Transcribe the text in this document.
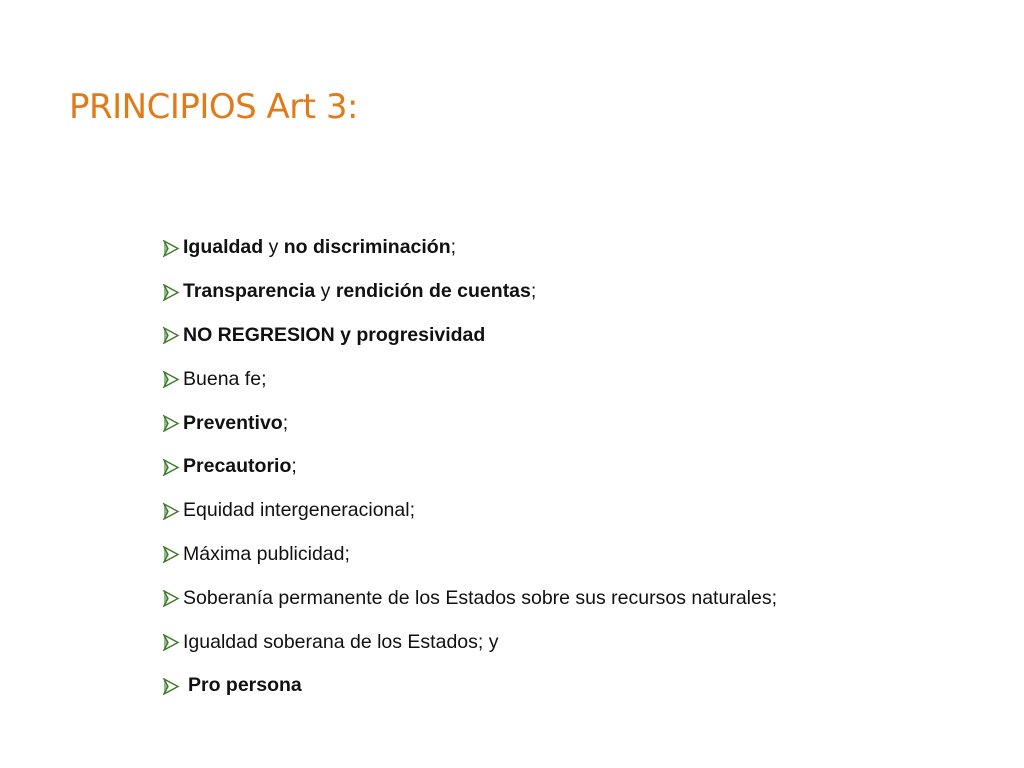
PRINCIPIOS Art 3:
Igualdad y no discriminación ;
Transparencia y rendición de cuentas ;
NO REGRESION y progresividad
Buena fe;
Preventivo ;
Precautorio ;
Equidad intergeneracional;
Máxima publicidad;
Soberanía permanente de los Estados sobre sus recursos naturales;
Igualdad soberana de los Estados; y
Pro persona
